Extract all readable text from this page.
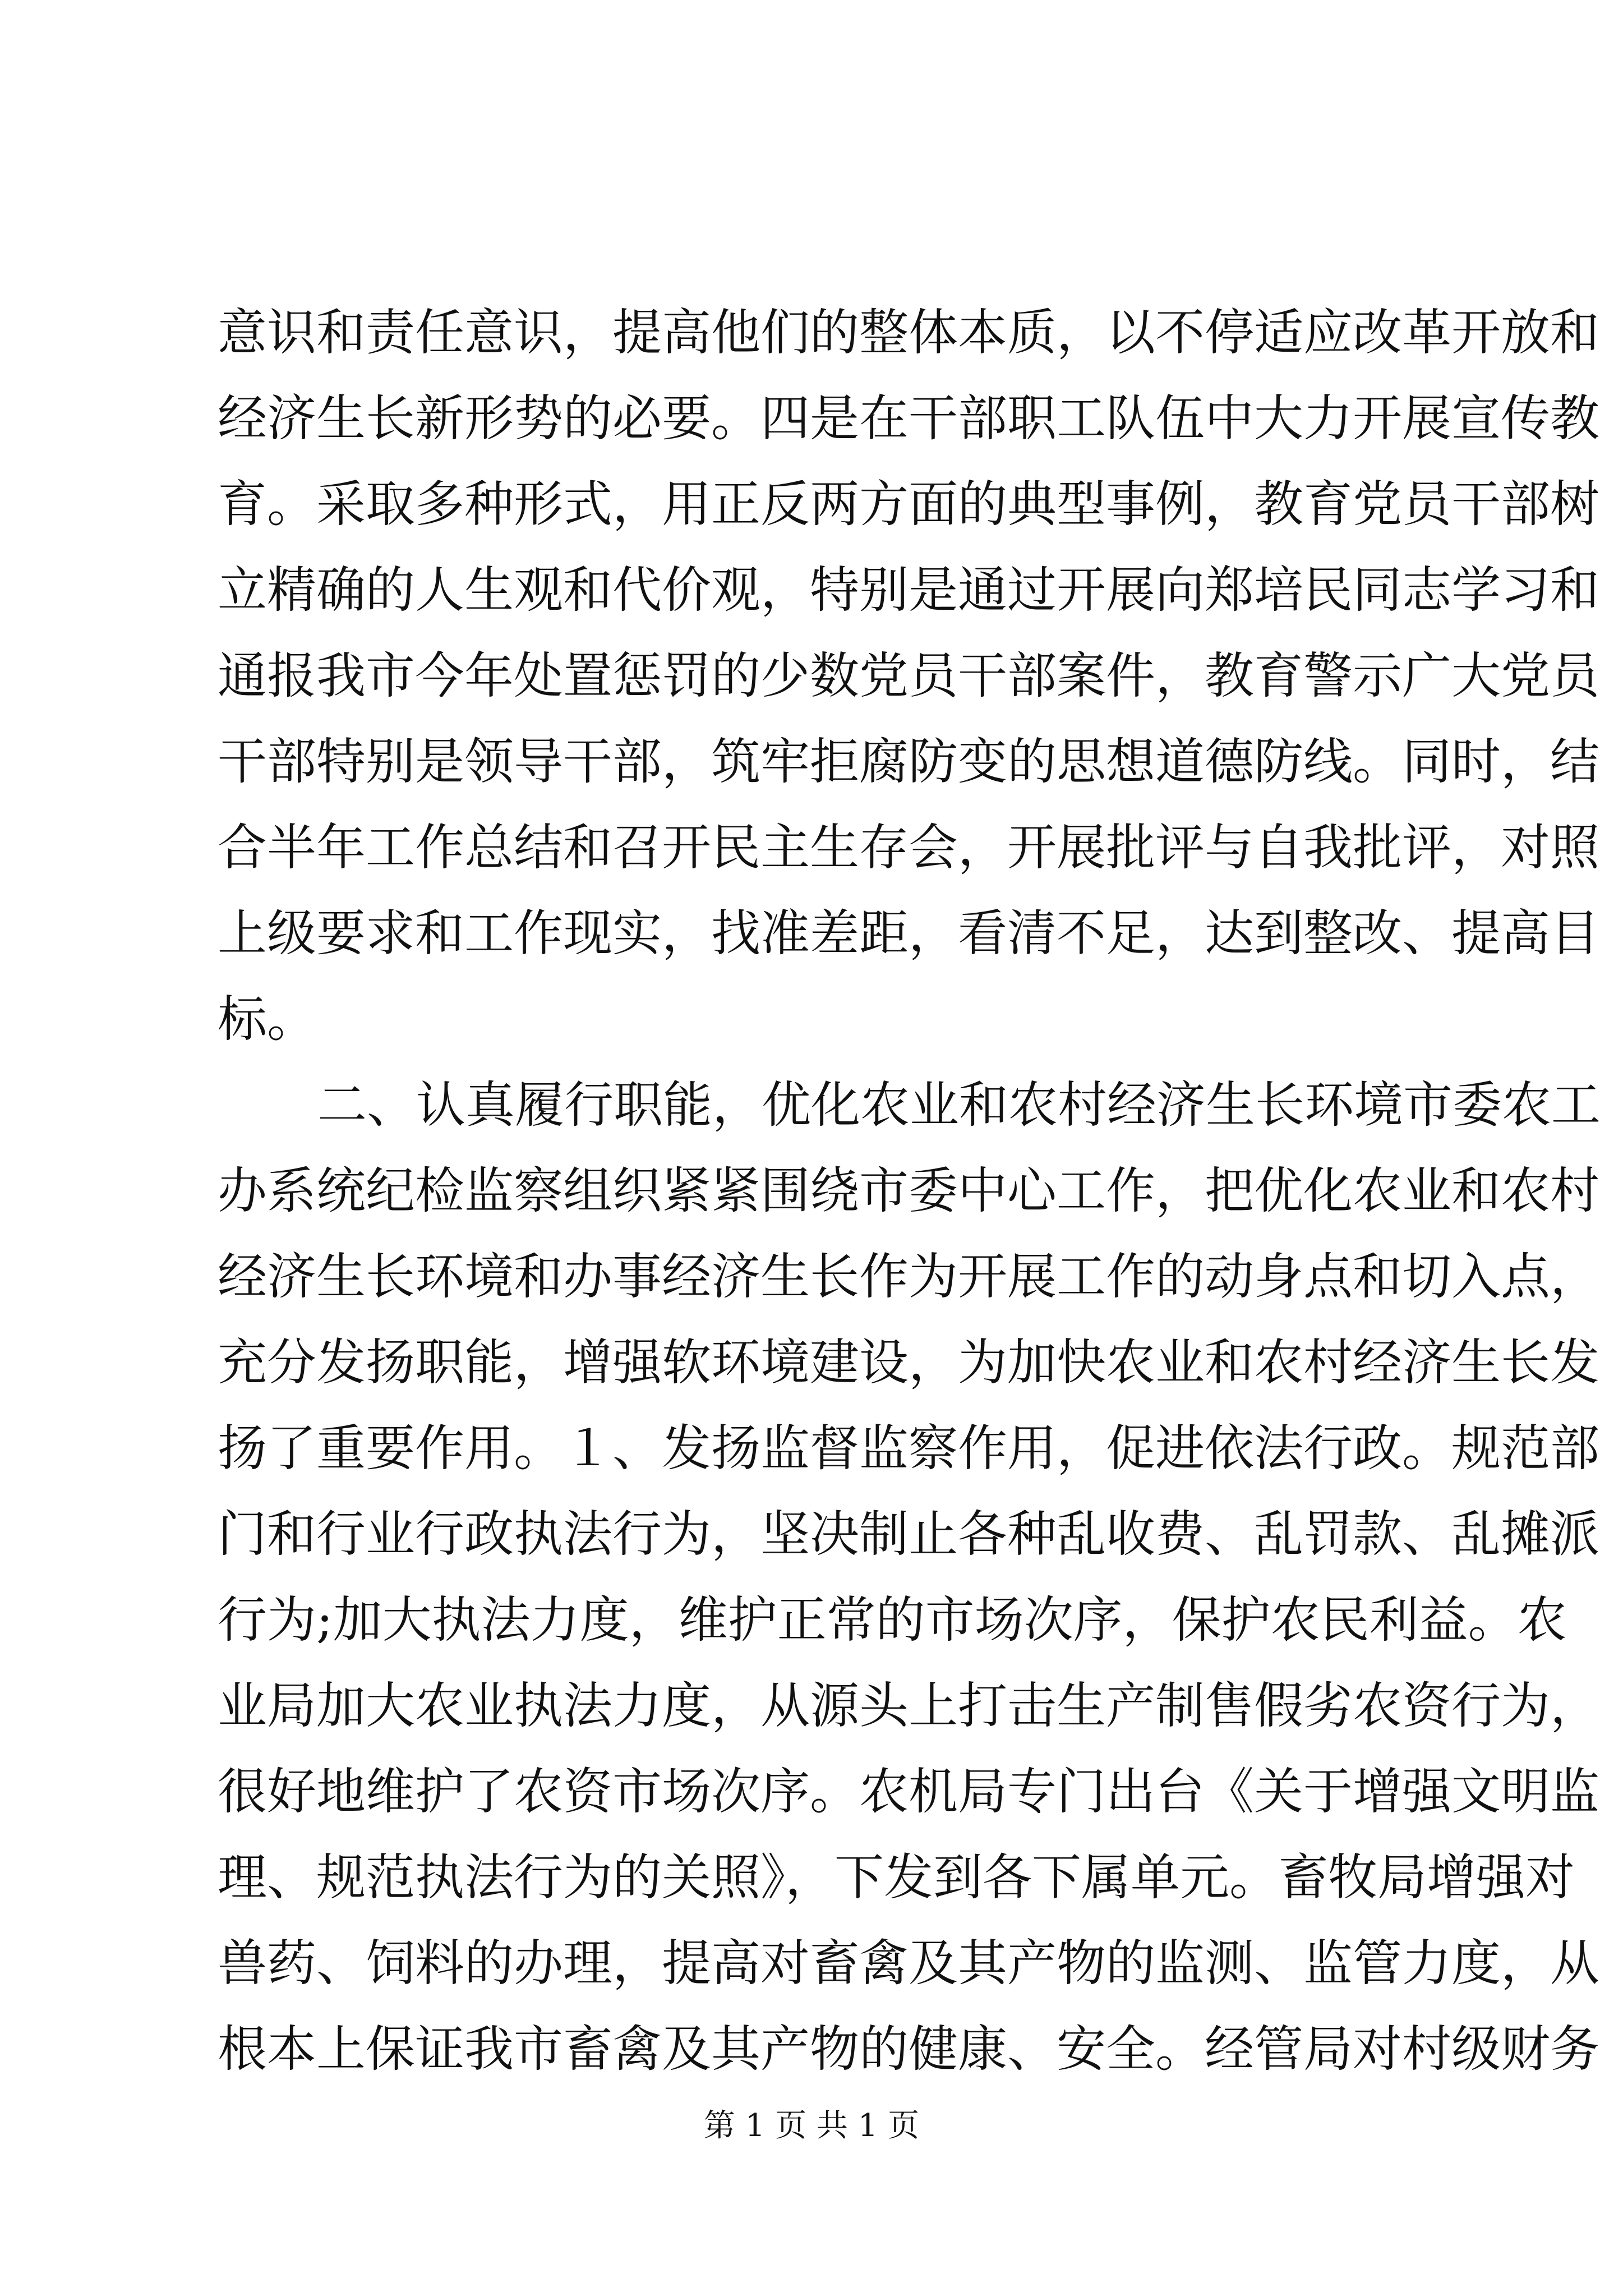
意识和责任意识，提高他们的整体本质，以不停适应改革开放和
经济生长新形势的必要。四是在干部职工队伍中大力开展宣传教
育。采取多种形式，用正反两方面的典型事例，教育党员干部树
立精确的人生观和代价观，特别是通过开展向郑培民同志学习和
通报我市今年处置惩罚的少数党员干部案件，教育警示广大党员
干部特别是领导干部，筑牢拒腐防变的思想道德防线。同时，结
合半年工作总结和召开民主生存会，开展批评与自我批评，对照
上级要求和工作现实，找准差距，看清不足，达到整改、提高目
标。
二、认真履行职能，优化农业和农村经济生长环境市委农工
办系统纪检监察组织紧紧围绕市委中心工作，把优化农业和农村
经济生长环境和办事经济生长作为开展工作的动身点和切入点，
充分发扬职能，增强软环境建设，为加快农业和农村经济生长发
扬了重要作用。１、发扬监督监察作用，促进依法行政。规范部
门和行业行政执法行为，坚决制止各种乱收费、乱罚款、乱摊派
行为;加大执法力度，维护正常的市场次序，保护农民利益。农
业局加大农业执法力度，从源头上打击生产制售假劣农资行为，
很好地维护了农资市场次序。农机局专门出台《关于增强文明监
理、规范执法行为的关照》，下发到各下属单元。畜牧局增强对
兽药、饲料的办理，提高对畜禽及其产物的监测、监管力度，从
根本上保证我市畜禽及其产物的健康、安全。经管局对村级财务
第 1 页 共 1 页
